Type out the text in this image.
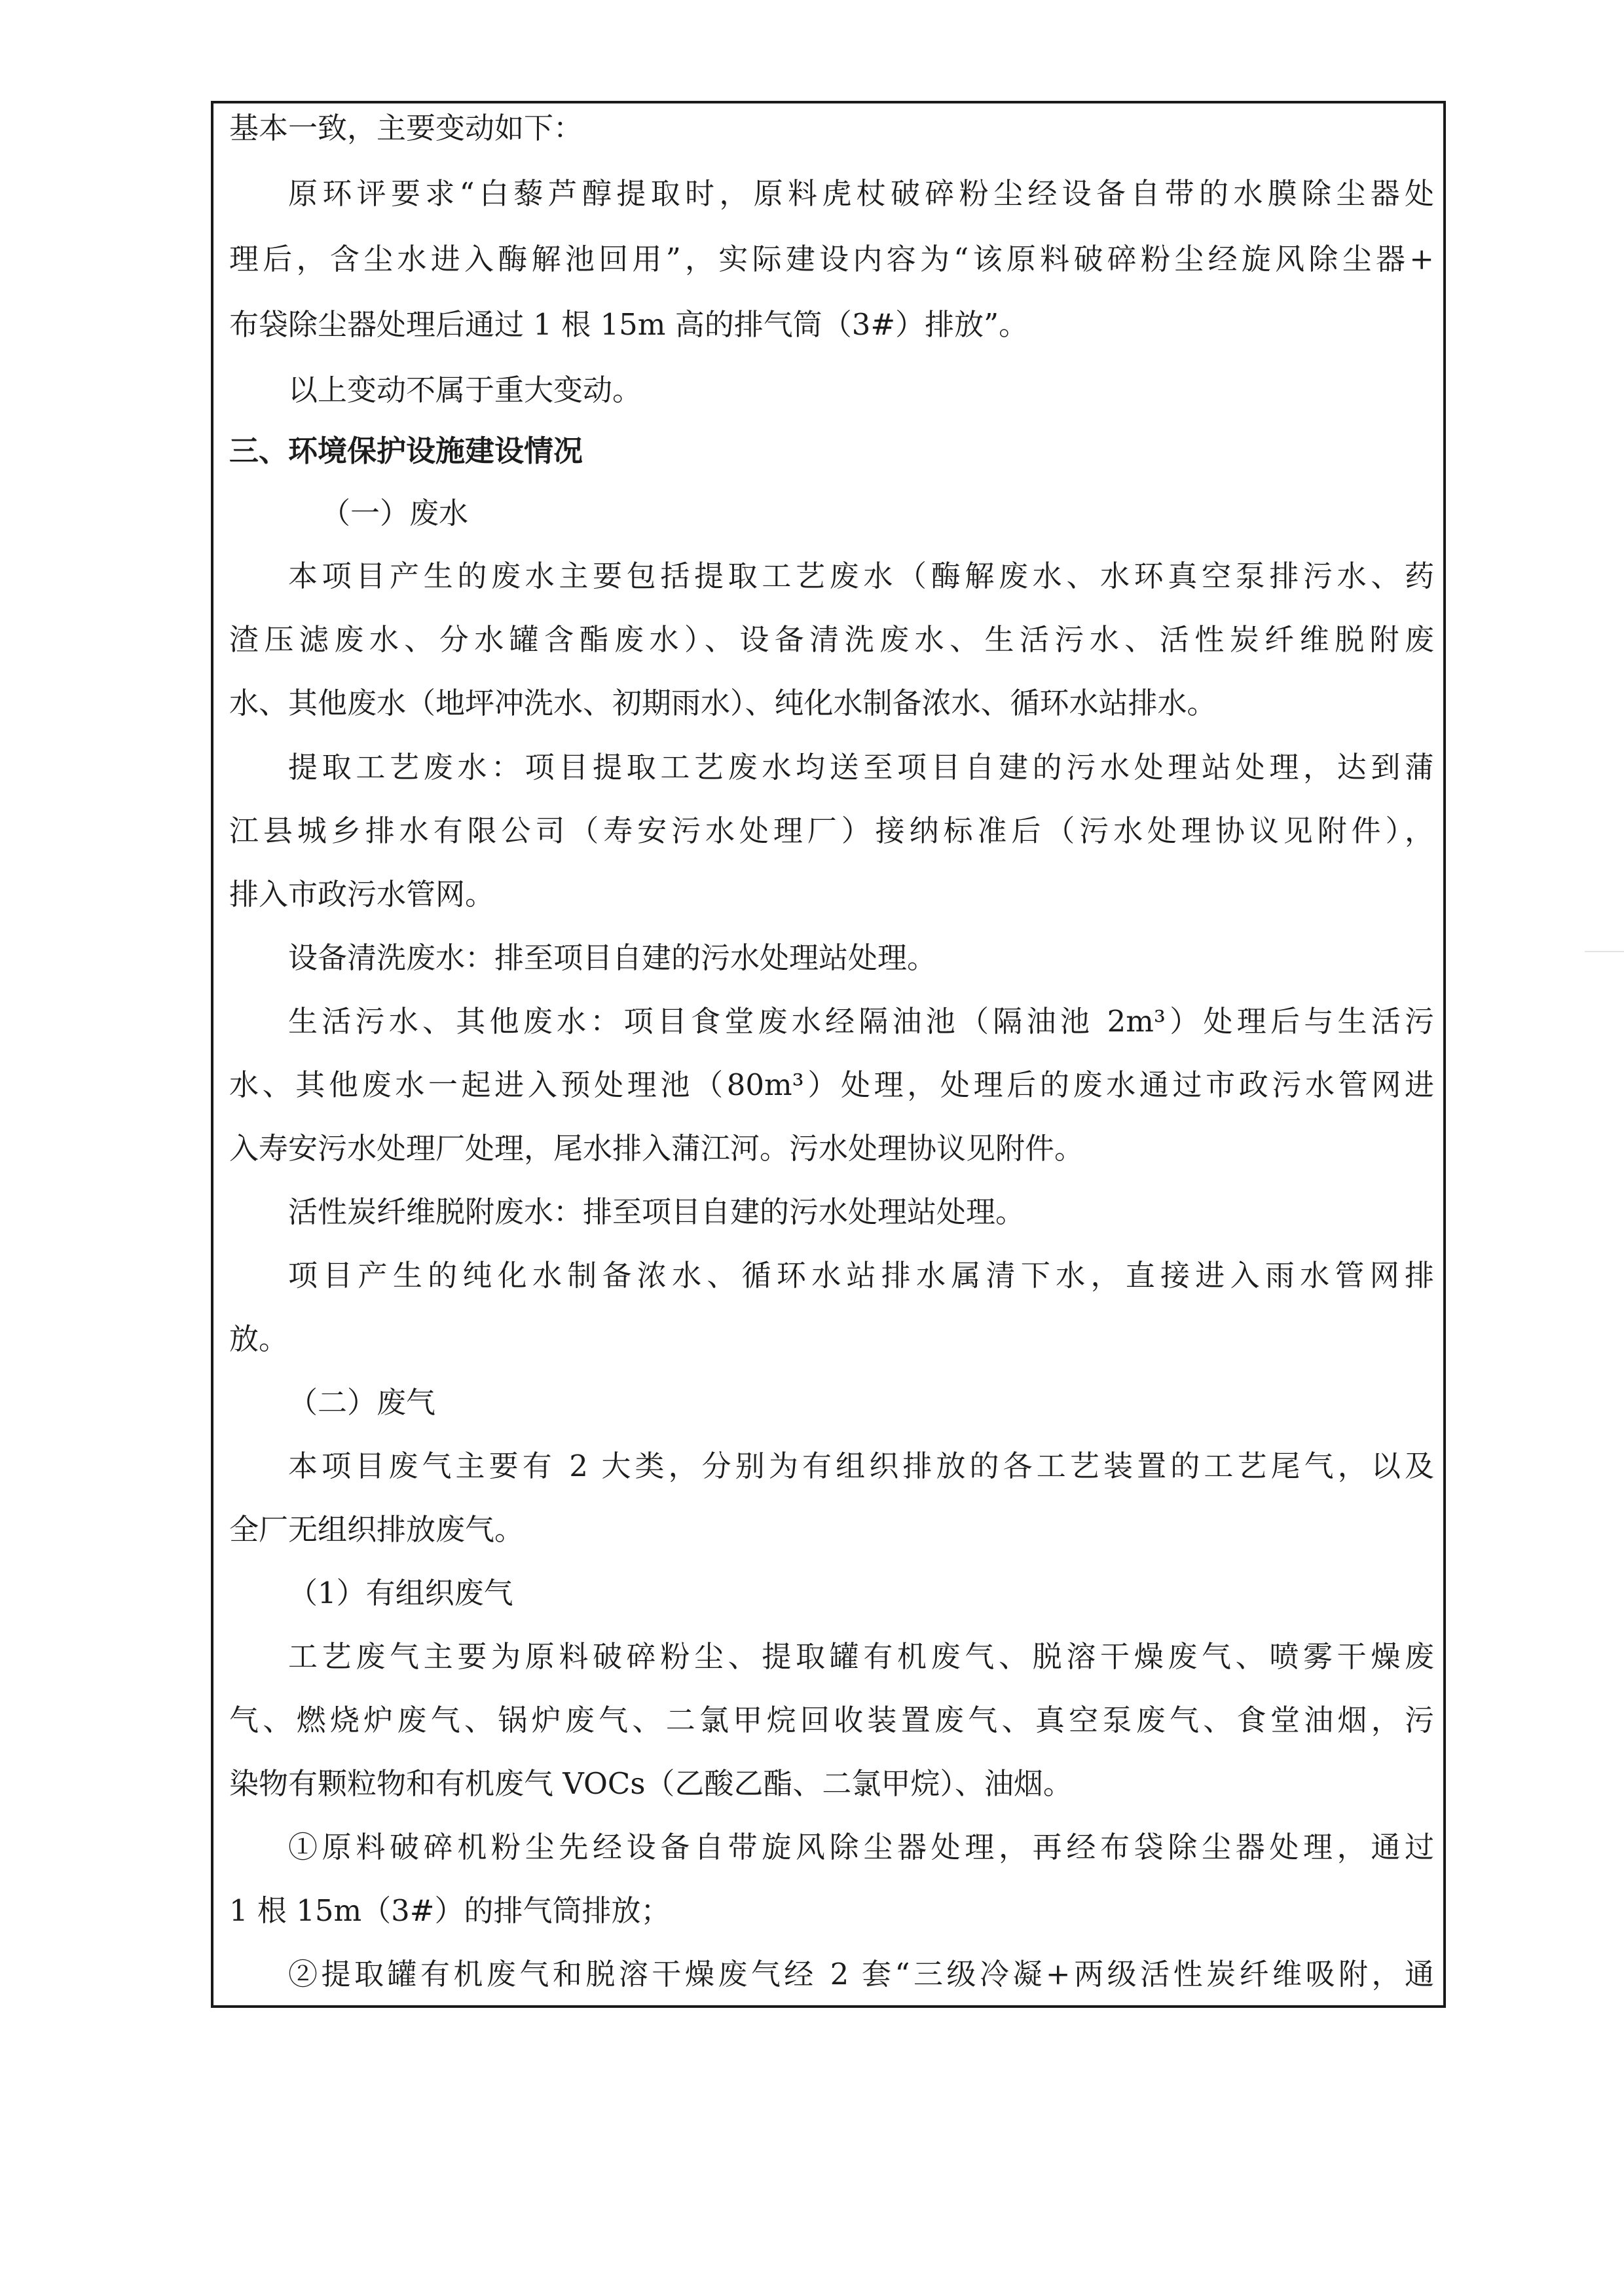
基本一致，主要变动如下：
原环评要求“白藜芦醇提取时，原料虎杖破碎粉尘经设备自带的水膜除尘器处
理后，含尘水进入酶解池回用”，实际建设内容为“该原料破碎粉尘经旋风除尘器+
布袋除尘器处理后通过 1 根 15m 高的排气筒（3#）排放”。
以上变动不属于重大变动。
三、环境保护设施建设情况
（一）废水
本项目产生的废水主要包括提取工艺废水（酶解废水、水环真空泵排污水、药
渣压滤废水、分水罐含酯废水）、设备清洗废水、生活污水、活性炭纤维脱附废
水、其他废水（地坪冲洗水、初期雨水）、纯化水制备浓水、循环水站排水。
提取工艺废水：项目提取工艺废水均送至项目自建的污水处理站处理，达到蒲
江县城乡排水有限公司（寿安污水处理厂）接纳标准后（污水处理协议见附件），
排入市政污水管网。
设备清洗废水：排至项目自建的污水处理站处理。
生活污水、其他废水：项目食堂废水经隔油池（隔油池 2m³）处理后与生活污
水、其他废水一起进入预处理池（80m³）处理，处理后的废水通过市政污水管网进
入寿安污水处理厂处理，尾水排入蒲江河。污水处理协议见附件。
活性炭纤维脱附废水：排至项目自建的污水处理站处理。
项目产生的纯化水制备浓水、循环水站排水属清下水，直接进入雨水管网排
放。
（二）废气
本项目废气主要有 2 大类，分别为有组织排放的各工艺装置的工艺尾气，以及
全厂无组织排放废气。
（1）有组织废气
工艺废气主要为原料破碎粉尘、提取罐有机废气、脱溶干燥废气、喷雾干燥废
气、燃烧炉废气、锅炉废气、二氯甲烷回收装置废气、真空泵废气、食堂油烟，污
染物有颗粒物和有机废气 VOCs（乙酸乙酯、二氯甲烷）、油烟。
①原料破碎机粉尘先经设备自带旋风除尘器处理，再经布袋除尘器处理，通过
1 根 15m（3#）的排气筒排放；
②提取罐有机废气和脱溶干燥废气经 2 套“三级冷凝+两级活性炭纤维吸附，通
